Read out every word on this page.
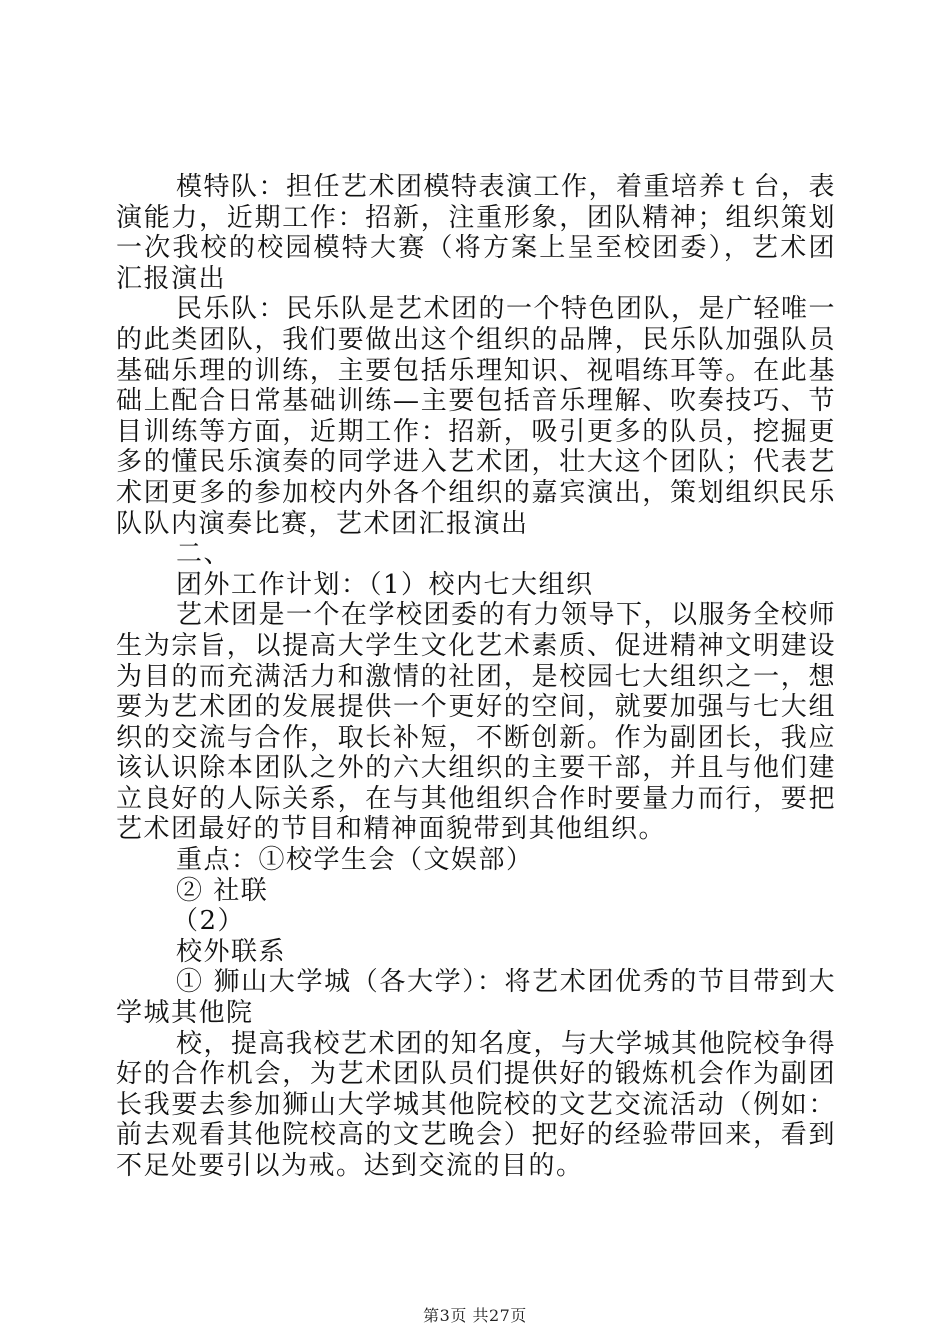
模特队：担任艺术团模特表演工作，着重培养ｔ台，表演能力，近期工作：招新，注重形象，团队精神；组织策划一次我校的校园模特大赛（将方案上呈至校团委），艺术团汇报演出

民乐队：民乐队是艺术团的一个特色团队，是广轻唯一的此类团队，我们要做出这个组织的品牌，民乐队加强队员基础乐理的训练，主要包括乐理知识、视唱练耳等。在此基础上配合日常基础训练—主要包括音乐理解、吹奏技巧、节目训练等方面，近期工作：招新，吸引更多的队员，挖掘更多的懂民乐演奏的同学进入艺术团，壮大这个团队；代表艺术团更多的参加校内外各个组织的嘉宾演出，策划组织民乐队队内演奏比赛，艺术团汇报演出

二、

团外工作计划：（1）校内七大组织

艺术团是一个在学校团委的有力领导下，以服务全校师生为宗旨，以提高大学生文化艺术素质、促进精神文明建设为目的而充满活力和激情的社团，是校园七大组织之一，想要为艺术团的发展提供一个更好的空间，就要加强与七大组织的交流与合作，取长补短，不断创新。作为副团长，我应该认识除本团队之外的六大组织的主要干部，并且与他们建立良好的人际关系，在与其他组织合作时要量力而行，要把艺术团最好的节目和精神面貌带到其他组织。

重点：①校学生会（文娱部）

② 社联

（2）

校外联系

① 狮山大学城（各大学）：将艺术团优秀的节目带到大学城其他院

校，提高我校艺术团的知名度，与大学城其他院校争得好的合作机会，为艺术团队员们提供好的锻炼机会作为副团长我要去参加狮山大学城其他院校的文艺交流活动（例如：前去观看其他院校高的文艺晚会）把好的经验带回来，看到不足处要引以为戒。达到交流的目的。

第3页 共27页
